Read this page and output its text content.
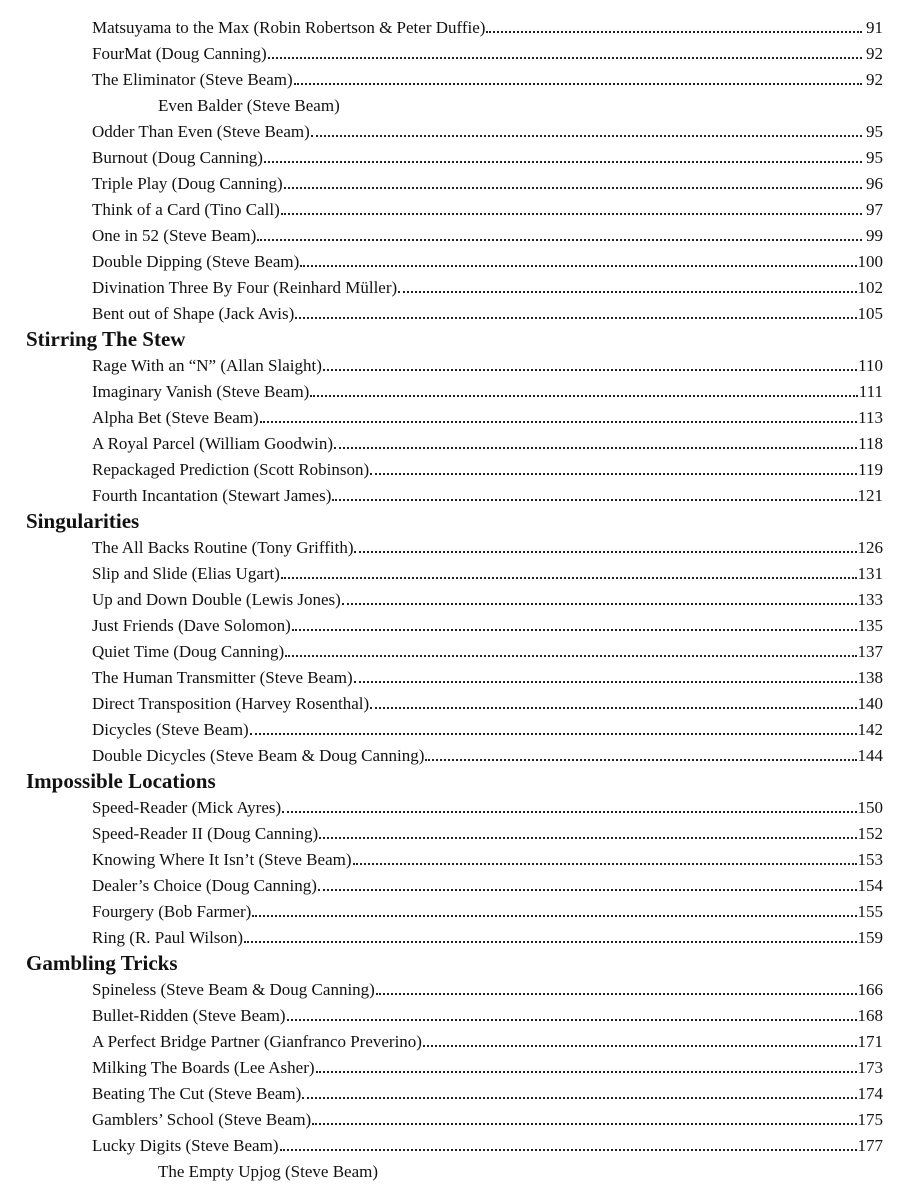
Matsuyama to the Max (Robin Robertson & Peter Duffie)	91
FourMat (Doug Canning)	92
The Eliminator (Steve Beam)	92
Even Balder (Steve Beam)
Odder Than Even (Steve Beam)	95
Burnout (Doug Canning)	95
Triple Play (Doug Canning)	96
Think of a Card (Tino Call)	97
One in 52 (Steve Beam)	99
Double Dipping (Steve Beam)	100
Divination Three By Four (Reinhard Müller)	102
Bent out of Shape (Jack Avis)	105
Stirring The Stew
Rage With an “N” (Allan Slaight)	110
Imaginary Vanish (Steve Beam)	111
Alpha Bet (Steve Beam)	113
A Royal Parcel (William Goodwin)	118
Repackaged Prediction (Scott Robinson)	119
Fourth Incantation (Stewart James)	121
Singularities
The All Backs Routine (Tony Griffith)	126
Slip and Slide (Elias Ugart)	131
Up and Down Double (Lewis Jones)	133
Just Friends (Dave Solomon)	135
Quiet Time (Doug Canning)	137
The Human Transmitter (Steve Beam)	138
Direct Transposition (Harvey Rosenthal)	140
Dicycles (Steve Beam)	142
Double Dicycles (Steve Beam & Doug Canning)	144
Impossible Locations
Speed-Reader (Mick Ayres)	150
Speed-Reader II (Doug Canning)	152
Knowing Where It Isn’t (Steve Beam)	153
Dealer’s Choice (Doug Canning)	154
Fourgery (Bob Farmer)	155
Ring (R. Paul Wilson)	159
Gambling Tricks
Spineless (Steve Beam & Doug Canning)	166
Bullet-Ridden (Steve Beam)	168
A Perfect Bridge Partner (Gianfranco Preverino)	171
Milking The Boards (Lee Asher)	173
Beating The Cut (Steve Beam)	174
Gamblers’ School (Steve Beam)	175
Lucky Digits (Steve Beam)	177
The Empty Upjog (Steve Beam)
